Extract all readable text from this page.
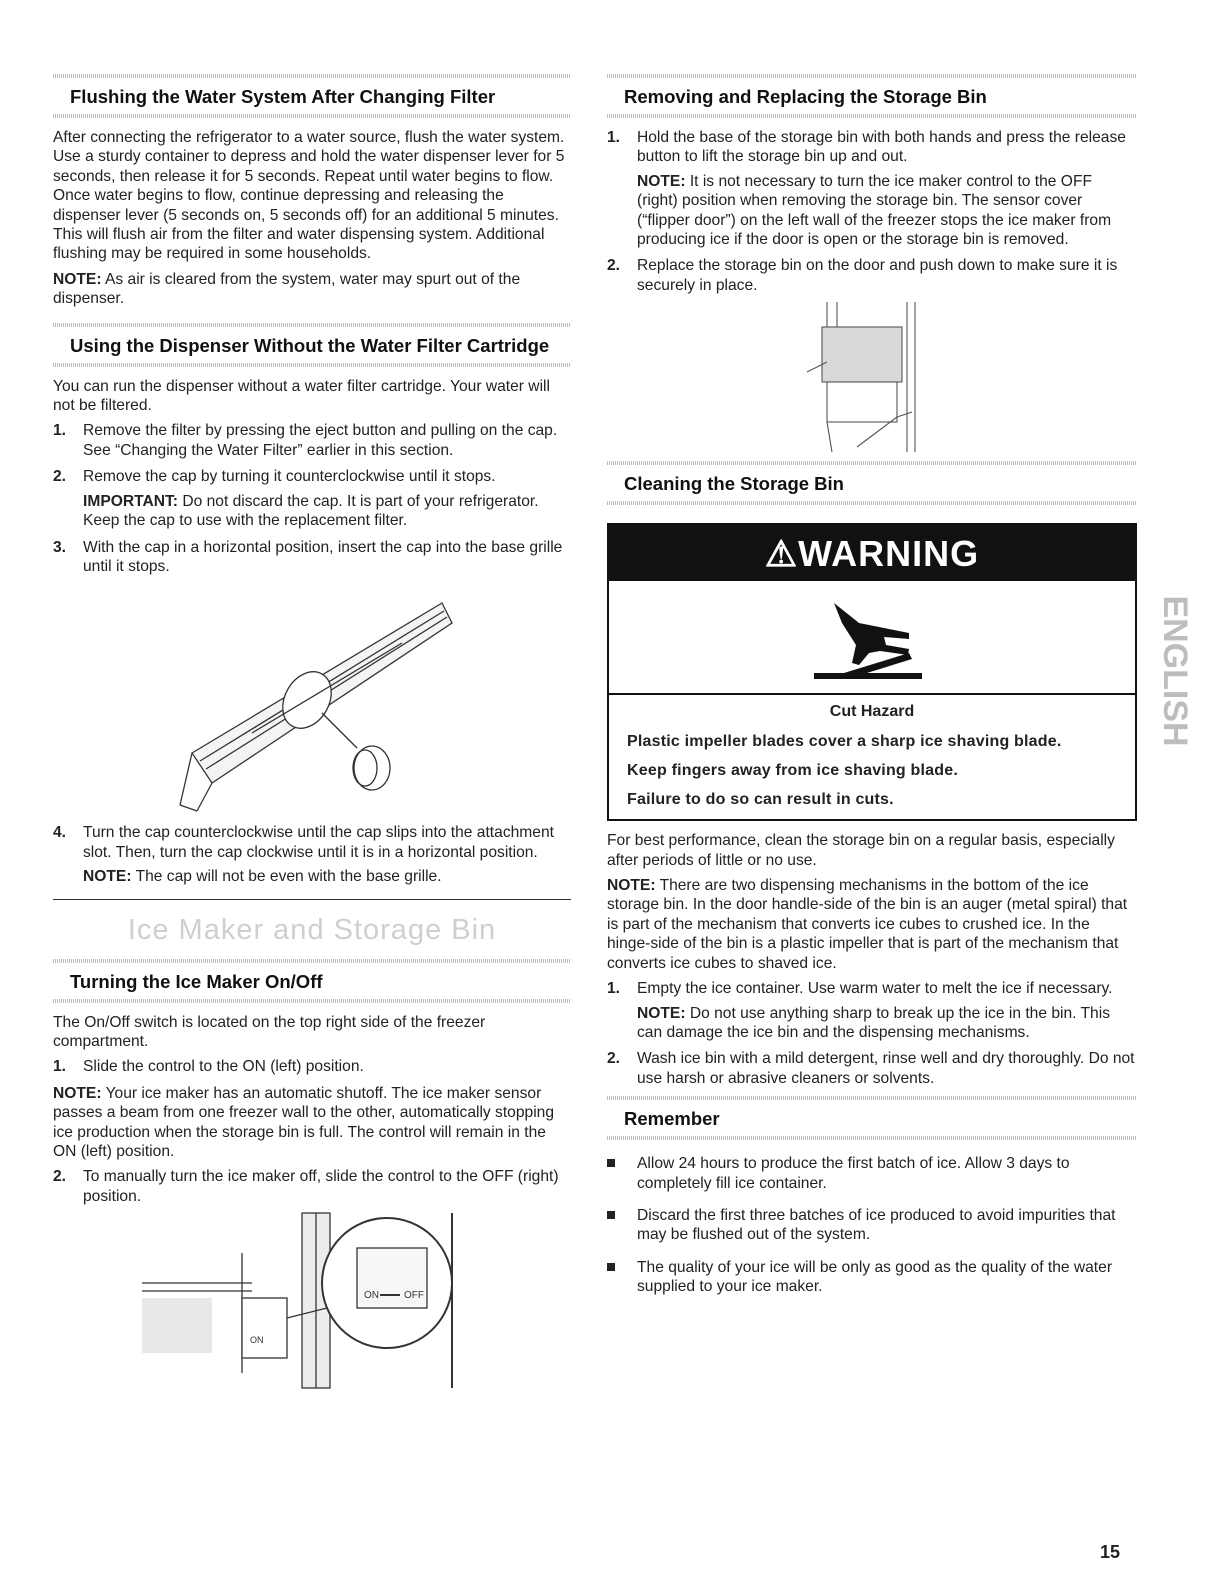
Flushing the Water System After Changing Filter

After connecting the refrigerator to a water source, flush the water system. Use a sturdy container to depress and hold the water dispenser lever for 5 seconds, then release it for 5 seconds. Repeat until water begins to flow. Once water begins to flow, continue depressing and releasing the dispenser lever (5 seconds on, 5 seconds off) for an additional 5 minutes. This will flush air from the filter and water dispensing system. Additional flushing may be required in some households.

NOTE: As air is cleared from the system, water may spurt out of the dispenser.

Using the Dispenser Without the Water Filter Cartridge

You can run the dispenser without a water filter cartridge. Your water will not be filtered.

1. Remove the filter by pressing the eject button and pulling on the cap. See “Changing the Water Filter” earlier in this section.
2. Remove the cap by turning it counterclockwise until it stops.
IMPORTANT: Do not discard the cap. It is part of your refrigerator. Keep the cap to use with the replacement filter.
3. With the cap in a horizontal position, insert the cap into the base grille until it stops.
4. Turn the cap counterclockwise until the cap slips into the attachment slot. Then, turn the cap clockwise until it is in a horizontal position.
NOTE: The cap will not be even with the base grille.
Ice Maker and Storage Bin
Turning the Ice Maker On/Off

The On/Off switch is located on the top right side of the freezer compartment.

1. Slide the control to the ON (left) position.

NOTE: Your ice maker has an automatic shutoff. The ice maker sensor passes a beam from one freezer wall to the other, automatically stopping ice production when the storage bin is full. The control will remain in the ON (left) position.

2. To manually turn the ice maker off, slide the control to the OFF (right) position.
ON
ON	OFF
Removing and Replacing the Storage Bin
1. Hold the base of the storage bin with both hands and press the release button to lift the storage bin up and out.
NOTE: It is not necessary to turn the ice maker control to the OFF (right) position when removing the storage bin. The sensor cover (“flipper door”) on the left wall of the freezer stops the ice maker from producing ice if the door is open or the storage bin is removed.
2. Replace the storage bin on the door and push down to make sure it is securely in place.
Cleaning the Storage Bin
⚠WARNING
Cut Hazard
Plastic impeller blades cover a sharp ice shaving blade.
Keep fingers away from ice shaving blade.
Failure to do so can result in cuts.

For best performance, clean the storage bin on a regular basis, especially after periods of little or no use.

NOTE: There are two dispensing mechanisms in the bottom of the ice storage bin. In the door handle-side of the bin is an auger (metal spiral) that is part of the mechanism that converts ice cubes to crushed ice. In the hinge-side of the bin is a plastic impeller that is part of the mechanism that converts ice cubes to shaved ice.

1. Empty the ice container. Use warm water to melt the ice if necessary.
NOTE: Do not use anything sharp to break up the ice in the bin. This can damage the ice bin and the dispensing mechanisms.
2. Wash ice bin with a mild detergent, rinse well and dry thoroughly. Do not use harsh or abrasive cleaners or solvents.
Remember
Allow 24 hours to produce the first batch of ice. Allow 3 days to completely fill ice container.
Discard the first three batches of ice produced to avoid impurities that may be flushed out of the system.
The quality of your ice will be only as good as the quality of the water supplied to your ice maker.
ENGLISH
15
